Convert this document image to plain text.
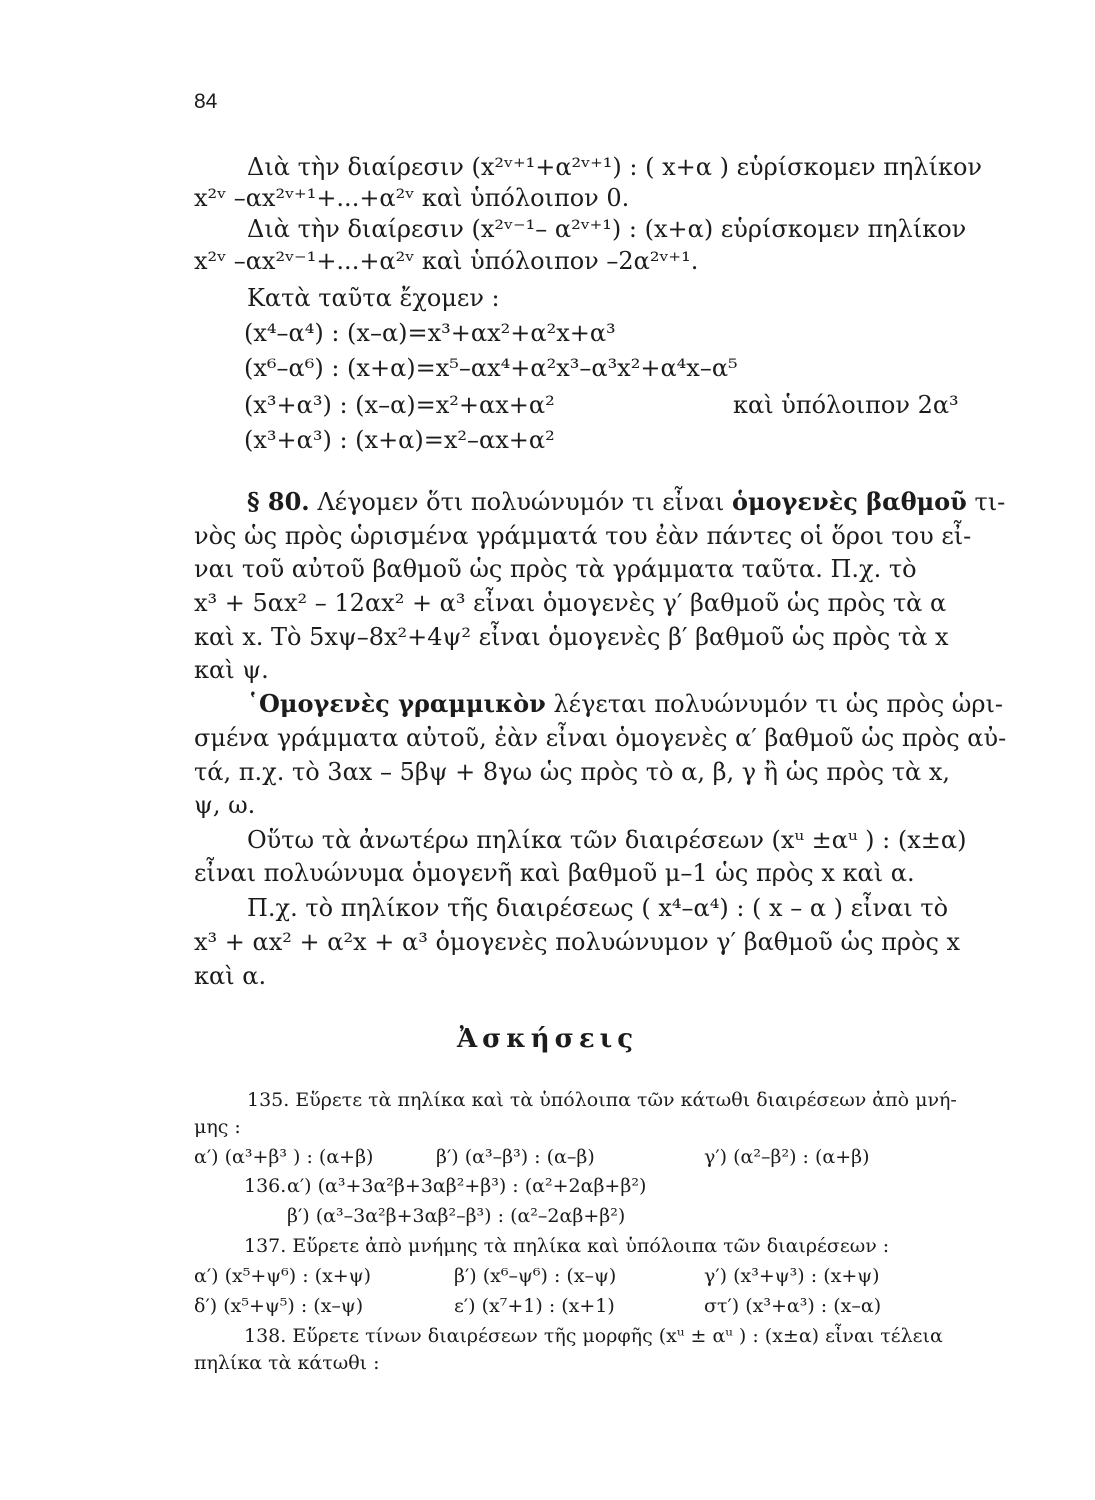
84
Διὰ τὴν διαίρεσιν (x²ᵛ⁺¹+α²ᵛ⁺¹) : ( x+α ) εὑρίσκομεν πηλίκον
x²ᵛ –αx²ᵛ⁺¹+...+α²ᵛ καὶ ὑπόλοιπον 0.
Διὰ τὴν διαίρεσιν (x²ᵛ⁻¹– α²ᵛ⁺¹) : (x+α) εὑρίσκομεν πηλίκον
x²ᵛ –αx²ᵛ⁻¹+...+α²ᵛ καὶ ὑπόλοιπον –2α²ᵛ⁺¹.
Κατὰ ταῦτα ἔχομεν :
(x⁴–α⁴) : (x–α)=x³+αx²+α²x+α³
(x⁶–α⁶) : (x+α)=x⁵–αx⁴+α²x³–α³x²+α⁴x–α⁵
(x³+α³) : (x–α)=x²+αx+α²	καὶ ὑπόλοιπον 2α³
(x³+α³) : (x+α)=x²–αx+α²
§ 80. Λέγομεν ὅτι πολυώνυμόν τι εἶναι ὁμογενὲς βαθμοῦ τι-
νὸς ὡς πρὸς ὡρισμένα γράμματά του ἐὰν πάντες οἱ ὅροι του εἶ-
ναι τοῦ αὐτοῦ βαθμοῦ ὡς πρὸς τὰ γράμματα ταῦτα. Π.χ. τὸ
x³ + 5αx² – 12αx² + α³ εἶναι ὁμογενὲς γ′ βαθμοῦ ὡς πρὸς τὰ α
καὶ x. Τὸ 5xψ–8x²+4ψ² εἶναι ὁμογενὲς β′ βαθμοῦ ὡς πρὸς τὰ x
καὶ ψ.
῾Ομογενὲς γραμμικὸν λέγεται πολυώνυμόν τι ὡς πρὸς ὡρι-
σμένα γράμματα αὐτοῦ, ἐὰν εἶναι ὁμογενὲς α′ βαθμοῦ ὡς πρὸς αὐ-
τά, π.χ. τὸ 3αx – 5βψ + 8γω ὡς πρὸς τὸ α, β, γ ἢ ὡς πρὸς τὰ x,
ψ, ω.
Οὕτω τὰ ἀνωτέρω πηλίκα τῶν διαιρέσεων (xᵘ ±αᵘ ) : (x±α)
εἶναι πολυώνυμα ὁμογενῆ καὶ βαθμοῦ μ–1 ὡς πρὸς x καὶ α.
Π.χ. τὸ πηλίκον τῆς διαιρέσεως ( x⁴–α⁴) : ( x – α ) εἶναι τὸ
x³ + αx² + α²x + α³ ὁμογενὲς πολυώνυμον γ′ βαθμοῦ ὡς πρὸς x
καὶ α.
Ἀσκήσεις
135. Εὕρετε τὰ πηλίκα καὶ τὰ ὑπόλοιπα τῶν κάτωθι διαιρέσεων ἀπὸ μνή-
μης :
α′) (α³+β³ ) : (α+β)	β′) (α³–β³) : (α–β)	γ′) (α²–β²) : (α+β)
136. α′) (α³+3α²β+3αβ²+β³) : (α²+2αβ+β²)
β′) (α³–3α²β+3αβ²–β³) : (α²–2αβ+β²)
137. Εὕρετε ἀπὸ μνήμης τὰ πηλίκα καὶ ὑπόλοιπα τῶν διαιρέσεων :
α′) (x⁵+ψ⁶) : (x+ψ)	β′) (x⁶–ψ⁶) : (x–ψ)	γ′) (x³+ψ³) : (x+ψ)
δ′) (x⁵+ψ⁵) : (x–ψ)	ε′) (x⁷+1) : (x+1)	στ′) (x³+α³) : (x–α)
138. Εὕρετε τίνων διαιρέσεων τῆς μορφῆς (xᵘ ± αᵘ ) : (x±α) εἶναι τέλεια
πηλίκα τὰ κάτωθι :
